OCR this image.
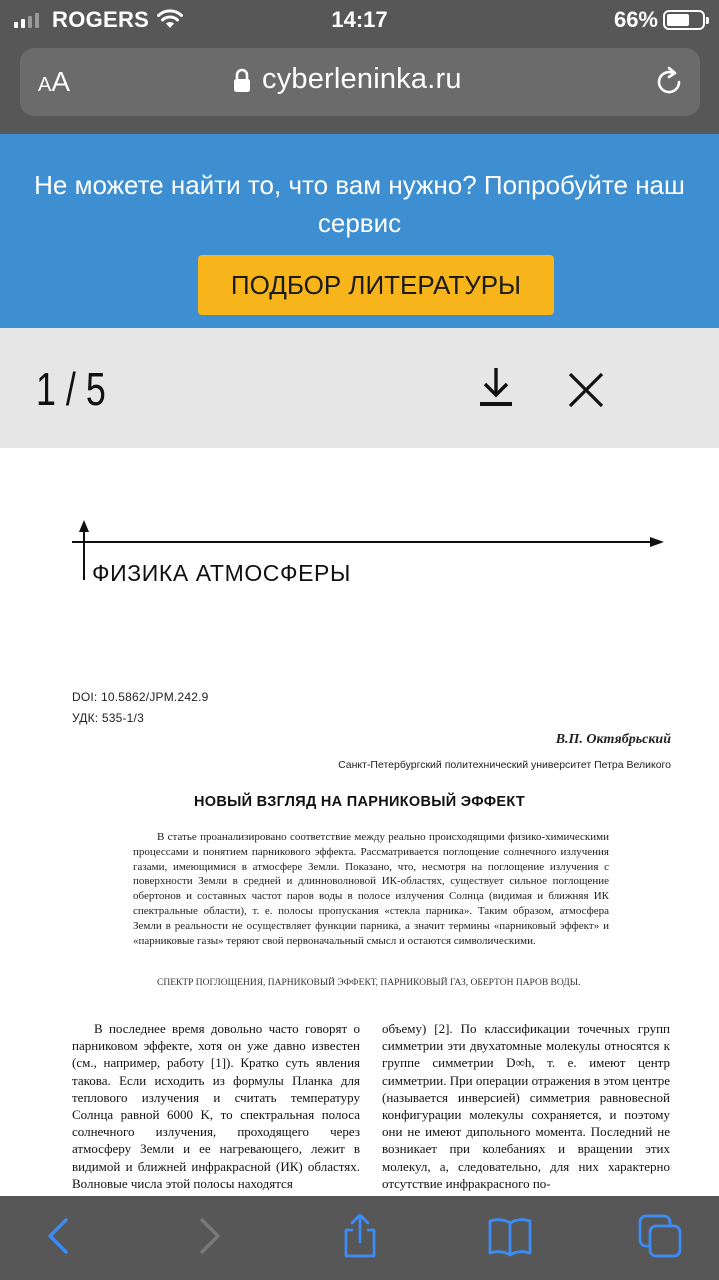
ROGERS	14:17	66%
AA	cyberleninka.ru
Не можете найти то, что вам нужно? Попробуйте наш сервис
ПОДБОР ЛИТЕРАТУРЫ
1 / 5
ФИЗИКА АТМОСФЕРЫ
DOI: 10.5862/JPM.242.9
УДК: 535-1/3
В.П. Октябрьский
Санкт-Петербургский политехнический университет Петра Великого
НОВЫЙ ВЗГЛЯД НА ПАРНИКОВЫЙ ЭФФЕКТ
В статье проанализировано соответствие между реально происходящими физико-химическими процессами и понятием парникового эффекта. Рассматривается поглощение солнечного излучения газами, имеющимися в атмосфере Земли. Показано, что, несмотря на поглощение излучения с поверхности Земли в средней и длинноволновой ИК-областях, существует сильное поглощение обертонов и составных частот паров воды в полосе излучения Солнца (видимая и ближняя ИК спектральные области), т. е. полосы пропускания «стекла парника». Таким образом, атмосфера Земли в реальности не осуществляет функции парника, а значит термины «парниковый эффект» и «парниковые газы» теряют свой первоначальный смысл и остаются символическими.
СПЕКТР ПОГЛОЩЕНИЯ, ПАРНИКОВЫЙ ЭФФЕКТ, ПАРНИКОВЫЙ ГАЗ, ОБЕРТОН ПАРОВ ВОДЫ.
В последнее время довольно часто говорят о парниковом эффекте, хотя он уже давно известен (см., например, работу [1]). Кратко суть явления такова. Если исходить из формулы Планка для теплового излучения и считать температуру Солнца равной 6000 K, то спектральная полоса солнечного излучения, проходящего через атмосферу Земли и ее нагревающего, лежит в видимой и ближней инфракрасной (ИК) областях. Волновые числа этой полосы находятся
объему) [2]. По классификации точечных групп симметрии эти двухатомные молекулы относятся к группе симметрии D∞h, т. е. имеют центр симметрии. При операции отражения в этом центре (называется инверсией) симметрия равновесной конфигурации молекулы сохраняется, и поэтому они не имеют дипольного момента. Последний не возникает при колебаниях и вращении этих молекул, а, следовательно, для них характерно отсутствие инфракрасного по-
